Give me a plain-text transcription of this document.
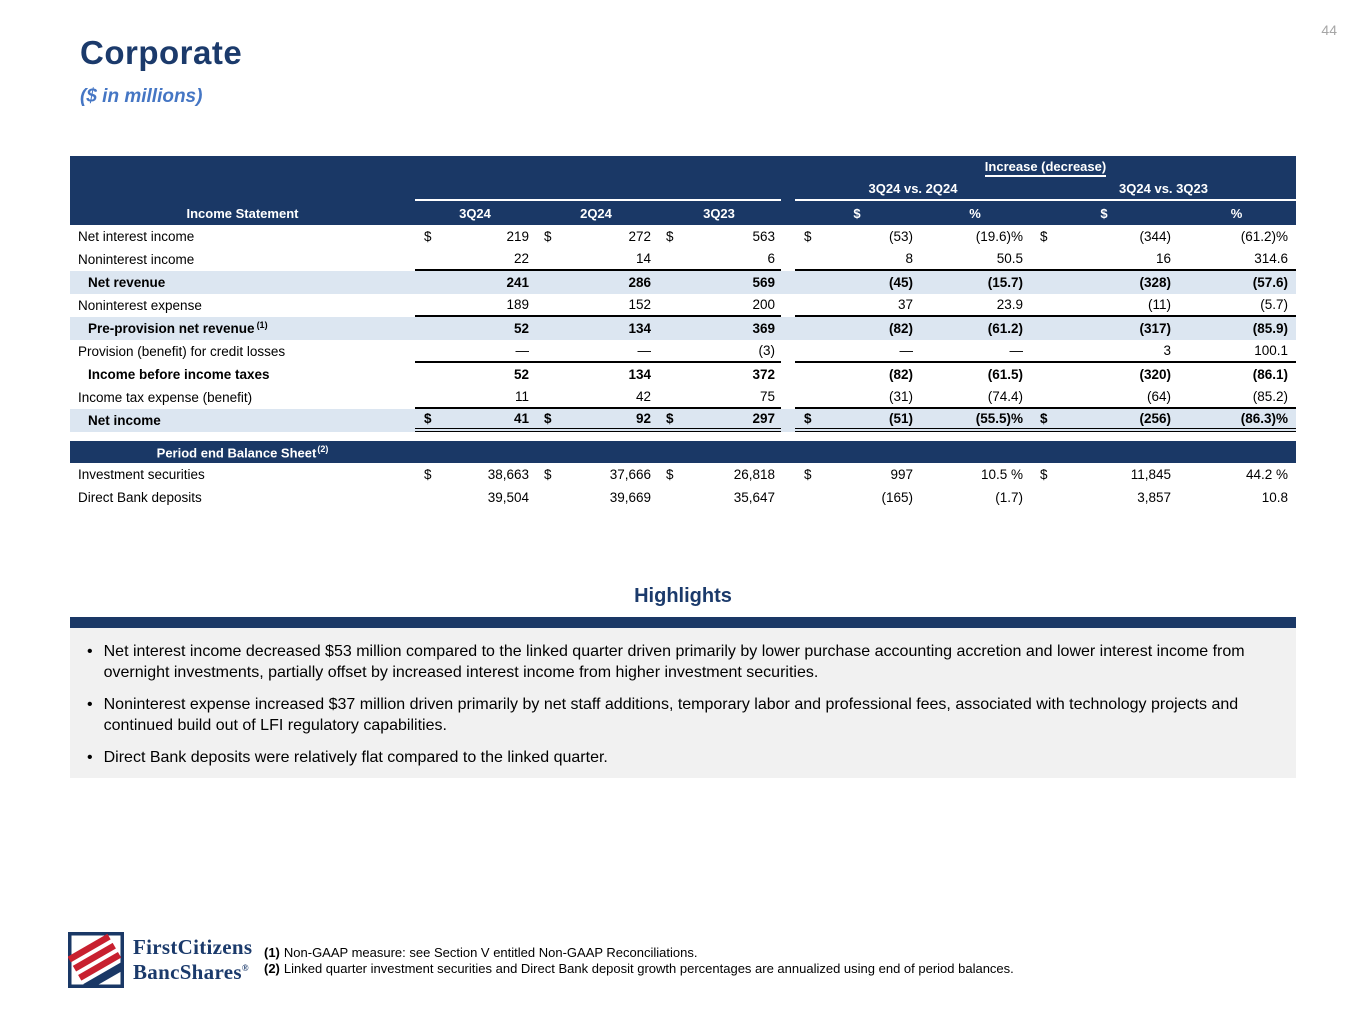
44
Corporate
($ in millions)
Increase (decrease)
3Q24 vs. 2Q24	3Q24 vs. 3Q23
Income Statement	3Q24	2Q24	3Q23	$	%	$	%
Net interest income	$	219 $	272 $	563 $	(53)	(19.6)% $	(344)	(61.2)%
Noninterest income	22	14	6	8	50.5	16	314.6
Net revenue	241	286	569	(45)	(15.7)	(328)	(57.6)
Noninterest expense	189	152	200	37	23.9	(11)	(5.7)
Pre-provision net revenue$^{(1)}$	52	134	369	(82)	(61.2)	(317)	(85.9)
Provision (benefit) for credit losses	—	—	(3)	—	—	3	100.1
Income before income taxes	52	134	372	(82)	(61.5)	(320)	(86.1)
Income tax expense (benefit)	11	42	75	(31)	(74.4)	(64)	(85.2)
Net income	$	41 $	92 $	297 $	(51)	(55.5)% $	(256)	(86.3)%
Period end Balance Sheet$^{(2)}$
Investment securities	$	38,663 $	37,666 $	26,818 $	997	10.5 % $	11,845	44.2 %
Direct Bank deposits	39,504	39,669	35,647	(165)	(1.7)	3,857	10.8
Highlights
• Net interest income decreased $53 million compared to the linked quarter driven primarily by lower purchase accounting accretion and lower interest income from overnight investments, partially offset by increased interest income from higher investment securities.
• Noninterest expense increased $37 million driven primarily by net staff additions, temporary labor and professional fees, associated with technology projects and continued build out of LFI regulatory capabilities.
• Direct Bank deposits were relatively flat compared to the linked quarter.
FirstCitizens
BancShares®
(1) Non-GAAP measure: see Section V entitled Non-GAAP Reconciliations.
(2) Linked quarter investment securities and Direct Bank deposit growth percentages are annualized using end of period balances.
